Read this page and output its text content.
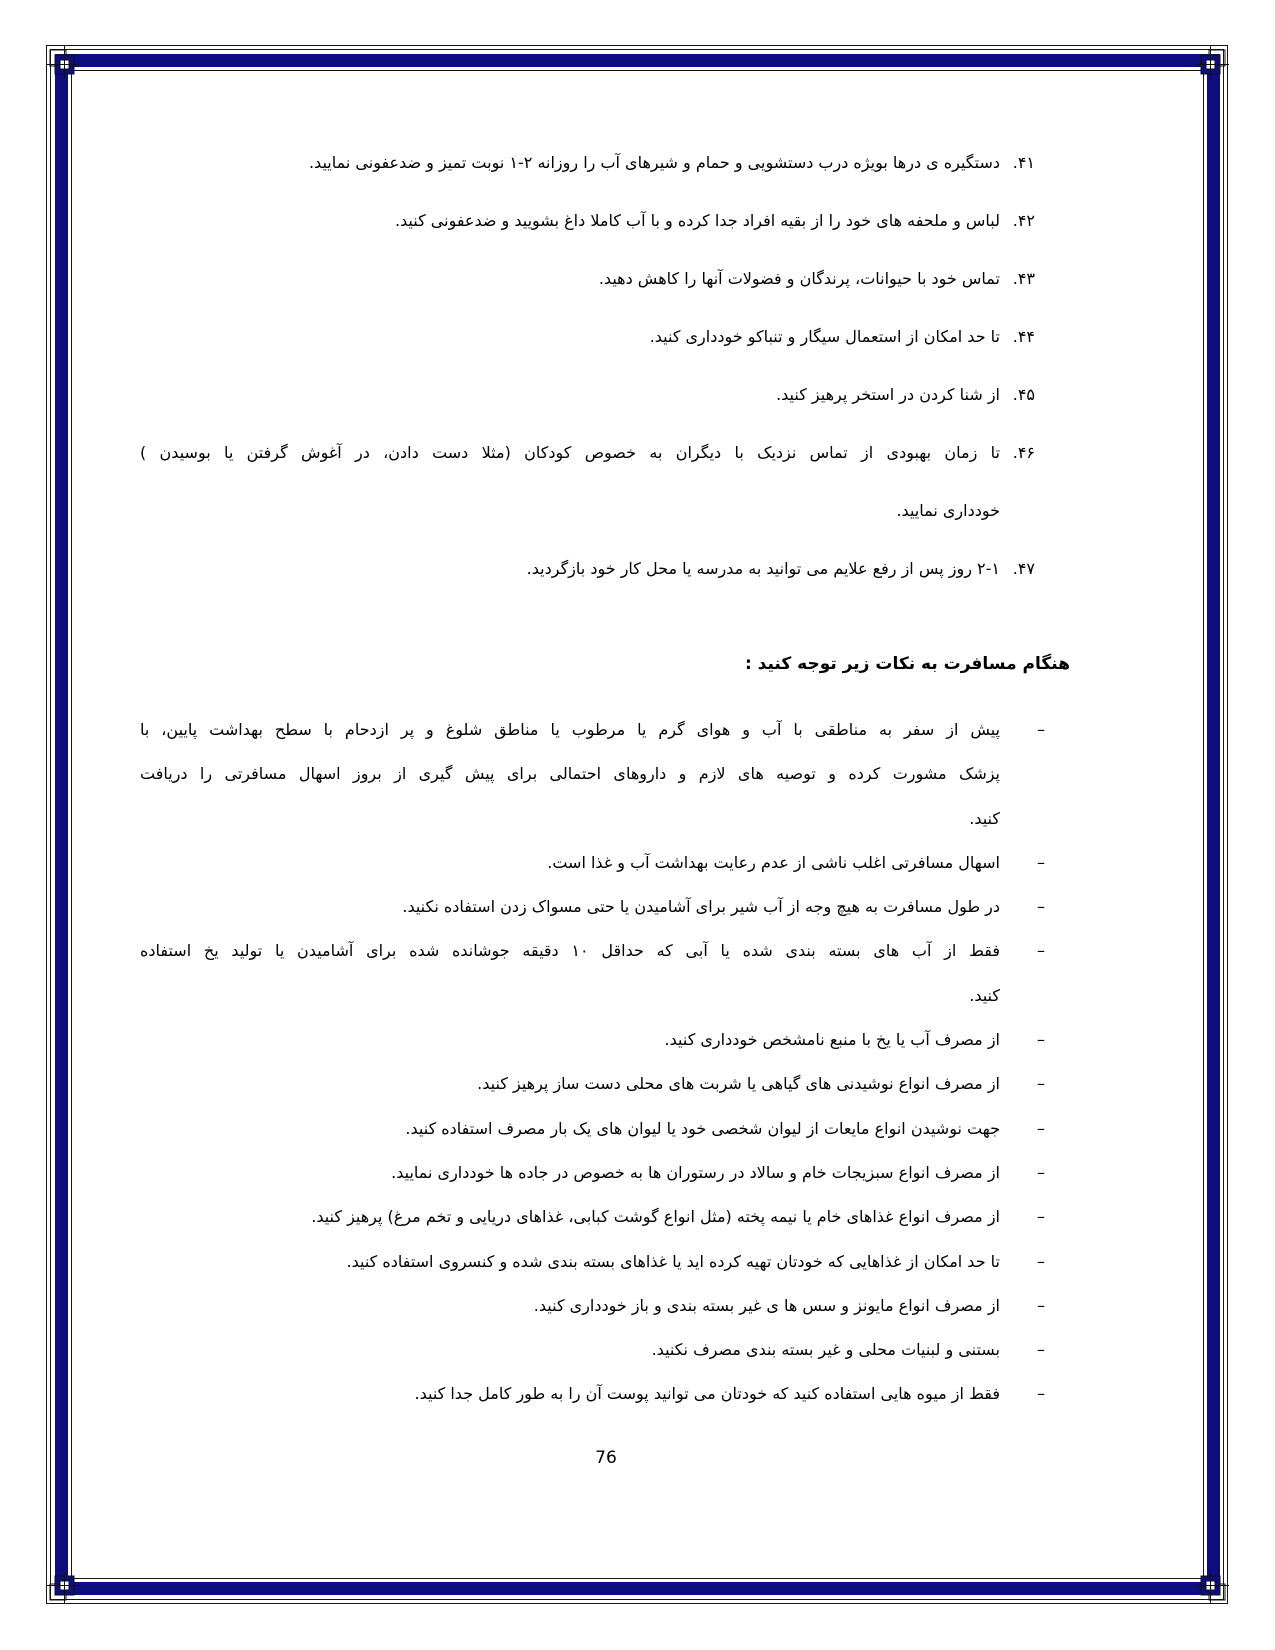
۴۱.
دستگیره ی درها بویژه درب دستشویی و حمام و شیرهای آب را روزانه ۲-۱ نوبت تمیز و ضدعفونی نمایید.
۴۲.
لباس و ملحفه های خود را از بقیه افراد جدا کرده و با آب کاملا داغ بشویید و ضدعفونی کنید.
۴۳.
تماس خود با حیوانات، پرندگان و فضولات آنها را کاهش دهید.
۴۴.
تا حد امکان از استعمال سیگار و تنباکو خودداری کنید.
۴۵.
از شنا کردن در استخر پرهیز کنید.
۴۶.
تا زمان بهبودی از تماس نزدیک با دیگران به خصوص کودکان (مثلا دست دادن، در آغوش گرفتن یا بوسیدن )
خودداری نمایید.
۴۷.
۲-۱ روز پس از رفع علایم می توانید به مدرسه یا محل کار خود بازگردید.
هنگام مسافرت به نکات زیر توجه کنید :
–
پیش از سفر به مناطقی با آب و هوای گرم یا مرطوب یا مناطق شلوغ و پر ازدحام با سطح بهداشت پایین، با
پزشک مشورت کرده و توصیه های لازم و داروهای احتمالی برای پیش گیری از بروز اسهال مسافرتی را دریافت
کنید.
–
اسهال مسافرتی اغلب ناشی از عدم رعایت بهداشت آب و غذا است.
–
در طول مسافرت به هیچ وجه از آب شیر برای آشامیدن یا حتی مسواک زدن استفاده نکنید.
–
فقط از آب های بسته بندی شده یا آبی که حداقل ۱۰ دقیقه جوشانده شده برای آشامیدن یا تولید یخ استفاده
کنید.
–
از مصرف آب یا یخ با منبع نامشخص خودداری کنید.
–
از مصرف انواع نوشیدنی های گیاهی یا شربت های محلی دست ساز پرهیز کنید.
–
جهت نوشیدن انواع مایعات از لیوان شخصی خود یا لیوان های یک بار مصرف استفاده کنید.
–
از مصرف انواع سبزیجات خام و سالاد در رستوران ها به خصوص در جاده ها خودداری نمایید.
–
از مصرف انواع غذاهای خام یا نیمه پخته (مثل انواع گوشت کبابی، غذاهای دریایی و تخم مرغ) پرهیز کنید.
–
تا حد امکان از غذاهایی که خودتان تهیه کرده اید یا غذاهای بسته بندی شده و کنسروی استفاده کنید.
–
از مصرف انواع مایونز و سس ها ی غیر بسته بندی و باز خودداری کنید.
–
بستنی و لبنیات محلی و غیر بسته بندی مصرف نکنید.
–
فقط از میوه هایی استفاده کنید که خودتان می توانید پوست آن را به طور کامل جدا کنید.
76
